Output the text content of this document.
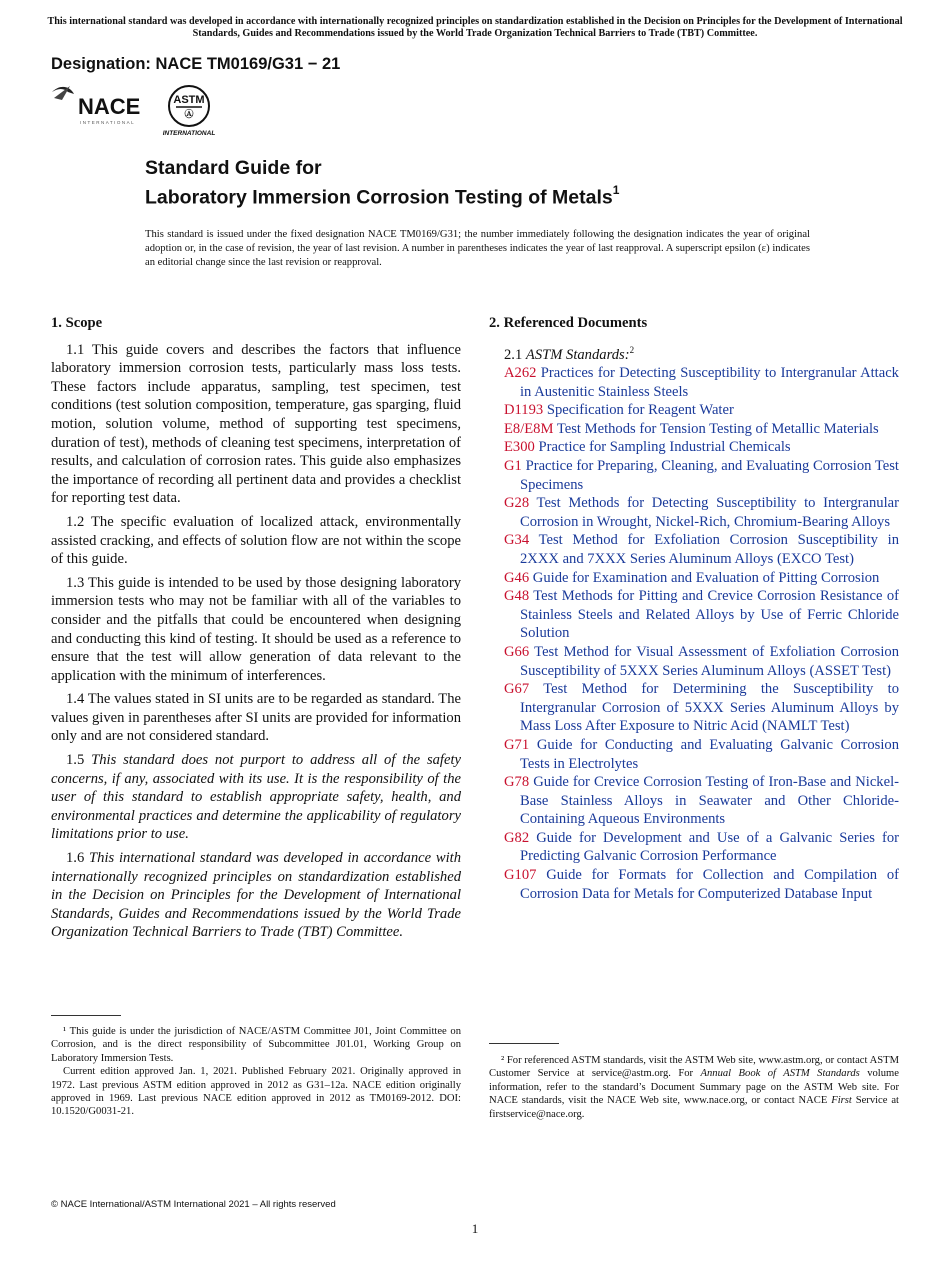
This international standard was developed in accordance with internationally recognized principles on standardization established in the Decision on Principles for the Development of International Standards, Guides and Recommendations issued by the World Trade Organization Technical Barriers to Trade (TBT) Committee.
Designation: NACE TM0169/G31 − 21
NACE
INTERNATIONAL
ASTM
Ⓐ
INTERNATIONAL
Standard Guide for
Laboratory Immersion Corrosion Testing of Metals$^1$
This standard is issued under the fixed designation NACE TM0169/G31; the number immediately following the designation indicates the year of original adoption or, in the case of revision, the year of last revision. A number in parentheses indicates the year of last reapproval. A superscript epsilon (ε) indicates an editorial change since the last revision or reapproval.
1. Scope

1.1 This guide covers and describes the factors that influence laboratory immersion corrosion tests, particularly mass loss tests. These factors include apparatus, sampling, test specimen, test conditions (test solution composition, temperature, gas sparging, fluid motion, solution volume, method of supporting test specimens, duration of test), methods of cleaning test specimens, interpretation of results, and calculation of corrosion rates. This guide also emphasizes the importance of recording all pertinent data and provides a checklist for reporting test data.

1.2 The specific evaluation of localized attack, environmentally assisted cracking, and effects of solution flow are not within the scope of this guide.

1.3 This guide is intended to be used by those designing laboratory immersion tests who may not be familiar with all of the variables to consider and the pitfalls that could be encountered when designing and conducting this kind of testing. It should be used as a reference to ensure that the test will allow generation of data relevant to the application with the minimum of interferences.

1.4 The values stated in SI units are to be regarded as standard. The values given in parentheses after SI units are provided for information only and are not considered standard.

1.5 This standard does not purport to address all of the safety concerns, if any, associated with its use. It is the responsibility of the user of this standard to establish appropriate safety, health, and environmental practices and determine the applicability of regulatory limitations prior to use.

1.6 This international standard was developed in accordance with internationally recognized principles on standardization established in the Decision on Principles for the Development of International Standards, Guides and Recommendations issued by the World Trade Organization Technical Barriers to Trade (TBT) Committee.

2. Referenced Documents
2.1 ASTM Standards:$^2$

A262 Practices for Detecting Susceptibility to Intergranular Attack in Austenitic Stainless Steels

D1193 Specification for Reagent Water

E8/E8M Test Methods for Tension Testing of Metallic Materials

E300 Practice for Sampling Industrial Chemicals

G1 Practice for Preparing, Cleaning, and Evaluating Corrosion Test Specimens

G28 Test Methods for Detecting Susceptibility to Intergranular Corrosion in Wrought, Nickel-Rich, Chromium-Bearing Alloys

G34 Test Method for Exfoliation Corrosion Susceptibility in 2XXX and 7XXX Series Aluminum Alloys (EXCO Test)

G46 Guide for Examination and Evaluation of Pitting Corrosion

G48 Test Methods for Pitting and Crevice Corrosion Resistance of Stainless Steels and Related Alloys by Use of Ferric Chloride Solution

G66 Test Method for Visual Assessment of Exfoliation Corrosion Susceptibility of 5XXX Series Aluminum Alloys (ASSET Test)

G67 Test Method for Determining the Susceptibility to Intergranular Corrosion of 5XXX Series Aluminum Alloys by Mass Loss After Exposure to Nitric Acid (NAMLT Test)

G71 Guide for Conducting and Evaluating Galvanic Corrosion Tests in Electrolytes

G78 Guide for Crevice Corrosion Testing of Iron-Base and Nickel-Base Stainless Alloys in Seawater and Other Chloride-Containing Aqueous Environments

G82 Guide for Development and Use of a Galvanic Series for Predicting Galvanic Corrosion Performance

G107 Guide for Formats for Collection and Compilation of Corrosion Data for Metals for Computerized Database Input

¹ This guide is under the jurisdiction of NACE/ASTM Committee J01, Joint Committee on Corrosion, and is the direct responsibility of Subcommittee J01.01, Working Group on Laboratory Immersion Tests.

Current edition approved Jan. 1, 2021. Published February 2021. Originally approved in 1972. Last previous ASTM edition approved in 2012 as G31–12a. NACE edition originally approved in 1969. Last previous NACE edition approved in 2012 as TM0169-2012. DOI: 10.1520/G0031-21.

² For referenced ASTM standards, visit the ASTM Web site, www.astm.org, or contact ASTM Customer Service at service@astm.org. For Annual Book of ASTM Standards volume information, refer to the standard’s Document Summary page on the ASTM Web site. For NACE standards, visit the NACE Web site, www.nace.org, or contact NACE First Service at firstservice@nace.org.

© NACE International/ASTM International 2021 – All rights reserved
1
